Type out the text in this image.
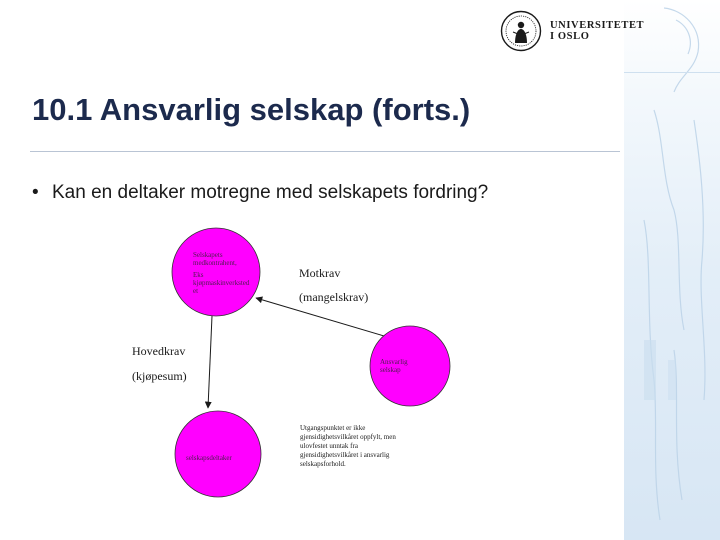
UNIVERSITETET
I OSLO
10.1 Ansvarlig selskap (forts.)
• Kan en deltaker motregne med selskapets fordring?
Selskapets
medkontrahent,
Eks
kjøpmaskinverksted
et
Ansvarlig
selskap
selskapsdeltaker
Motkrav
(mangelskrav)
Hovedkrav
(kjøpesum)
Utgangspunktet er ikke
gjensidighetsvilkåret oppfylt, men
ulovfestet unntak fra
gjensidighetsvilkåret i ansvarlig
selskapsforhold.
